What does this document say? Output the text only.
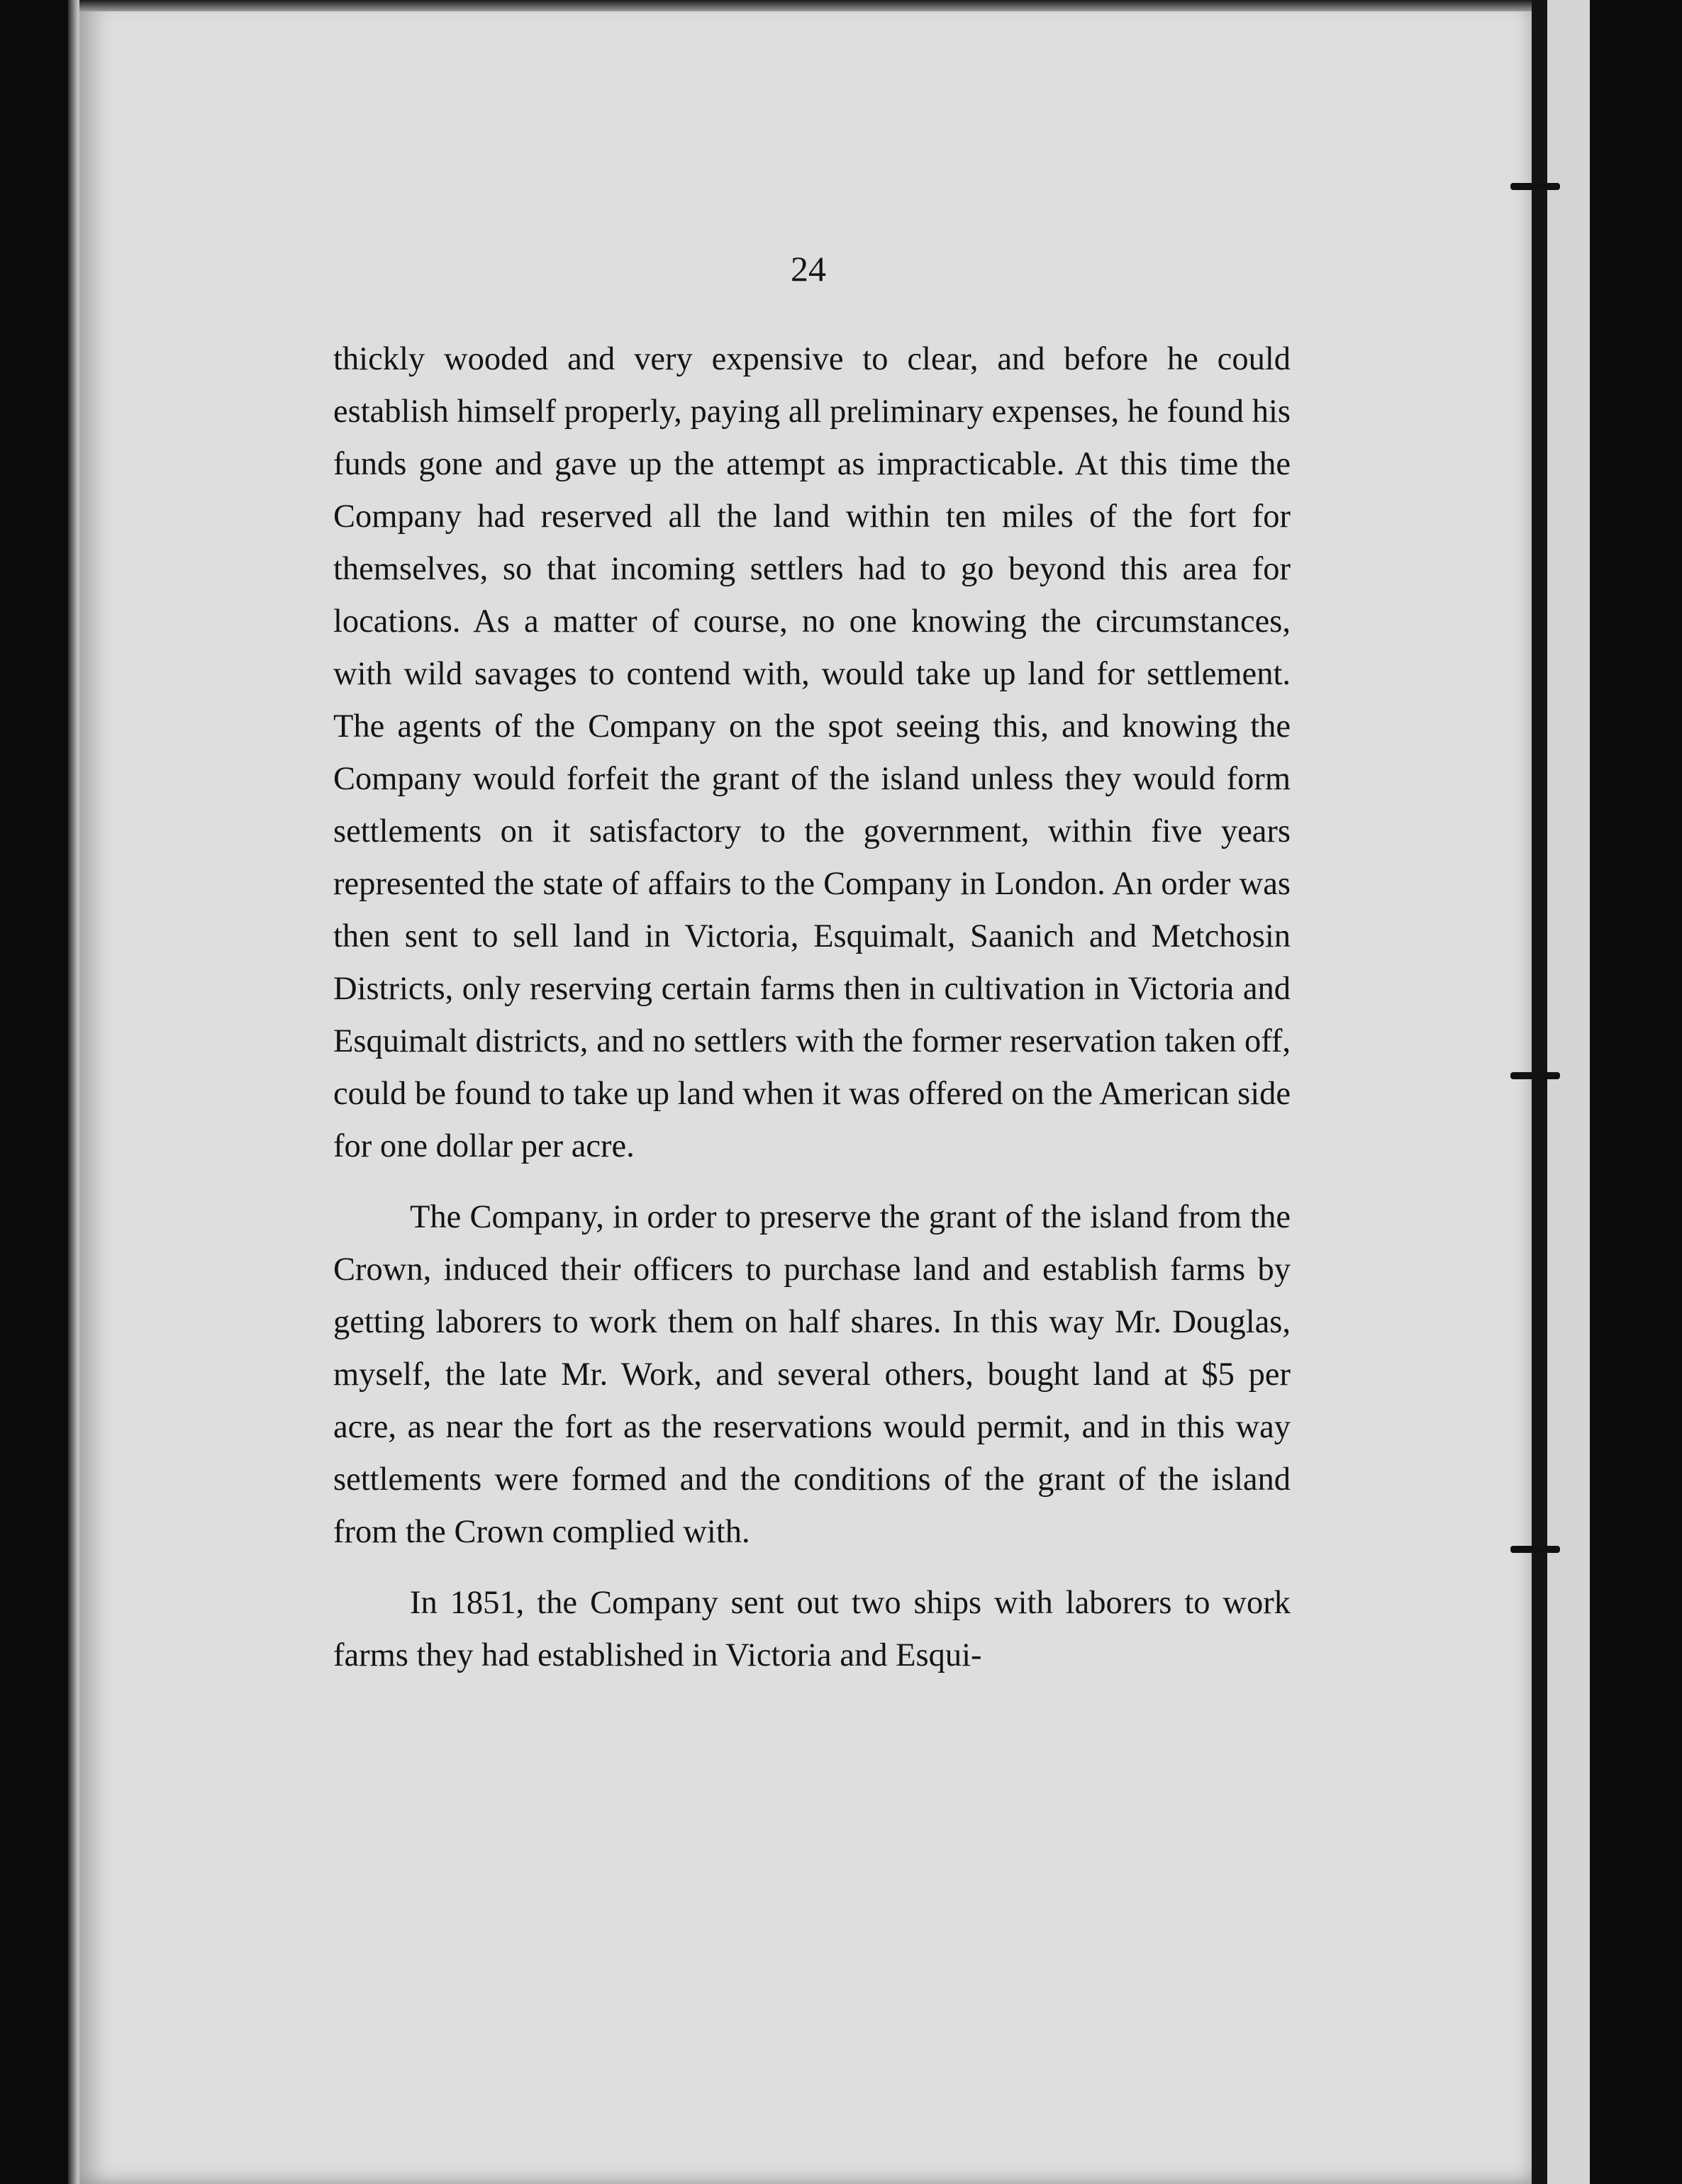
24

thickly wooded and very expensive to clear, and before he could establish himself properly, paying all preliminary expenses, he found his funds gone and gave up the attempt as impracticable. At this time the Company had reserved all the land within ten miles of the fort for themselves, so that incoming settlers had to go beyond this area for locations. As a matter of course, no one knowing the circumstances, with wild savages to contend with, would take up land for settlement. The agents of the Company on the spot seeing this, and knowing the Company would forfeit the grant of the island unless they would form settlements on it satisfactory to the government, within five years represented the state of affairs to the Company in London. An order was then sent to sell land in Victoria, Esquimalt, Saanich and Metchosin Districts, only reserving certain farms then in cultivation in Victoria and Esquimalt districts, and no settlers with the former reservation taken off, could be found to take up land when it was offered on the American side for one dollar per acre.

The Company, in order to preserve the grant of the island from the Crown, induced their officers to purchase land and establish farms by getting laborers to work them on half shares. In this way Mr. Douglas, myself, the late Mr. Work, and several others, bought land at $5 per acre, as near the fort as the reservations would permit, and in this way settlements were formed and the conditions of the grant of the island from the Crown complied with.

In 1851, the Company sent out two ships with laborers to work farms they had established in Victoria and Esqui-
